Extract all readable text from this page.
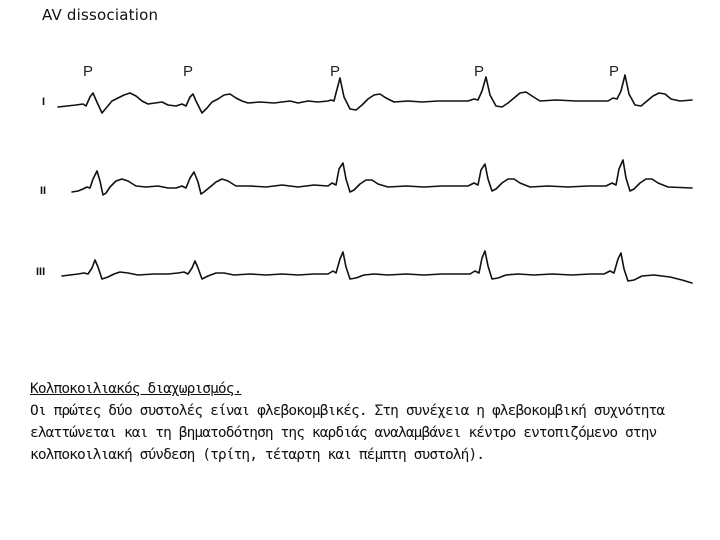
AV dissociation
P	P	P	P	P
I
II
III
Κολποκοιλιακός διαχωρισμός.
Οι πρώτες δύο συστολές είναι φλεβοκομβικές. Στη συνέχεια η φλεβοκομβική συχνότητα ελαττώνεται και τη βηματοδότηση της καρδιάς αναλαμβάνει κέντρο εντοπιζόμενο στην κολποκοιλιακή σύνδεση (τρίτη, τέταρτη και πέμπτη συστολή).
